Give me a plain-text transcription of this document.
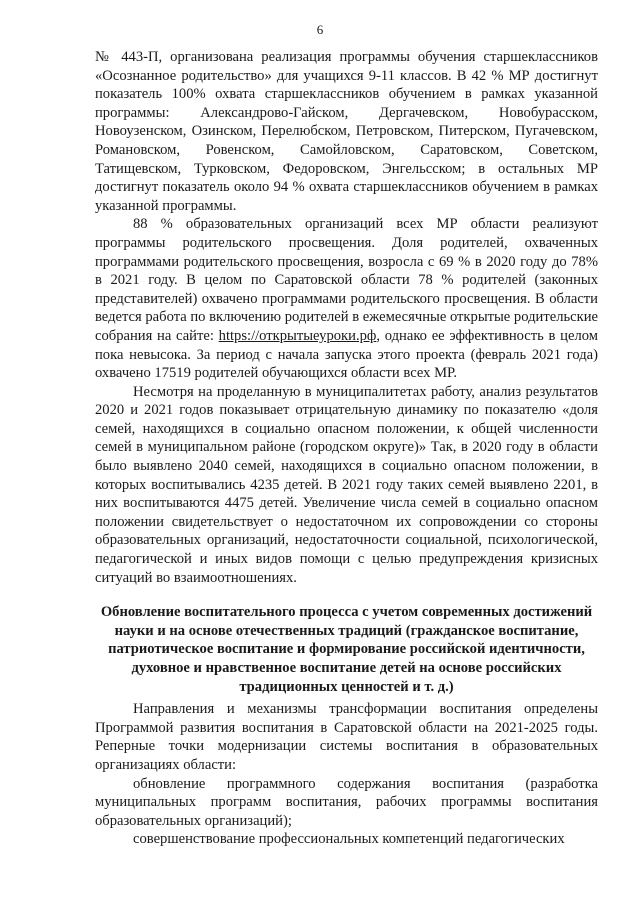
6

№ 443-П, организована реализация программы обучения старшеклассников «Осознанное родительство» для учащихся 9-11 классов. В 42 % МР достигнут показатель 100% охвата старшеклассников обучением в рамках указанной программы: Александрово-Гайском, Дергачевском, Новобурасском, Новоузенском, Озинском, Перелюбском, Петровском, Питерском, Пугачевском, Романовском, Ровенском, Самойловском, Саратовском, Советском, Татищевском, Турковском, Федоровском, Энгельсском; в остальных МР достигнут показатель около 94 % охвата старшеклассников обучением в рамках указанной программы.

88 % образовательных организаций всех МР области реализуют программы родительского просвещения. Доля родителей, охваченных программами родительского просвещения, возросла с 69 % в 2020 году до 78% в 2021 году. В целом по Саратовской области 78 % родителей (законных представителей) охвачено программами родительского просвещения. В области ведется работа по включению родителей в ежемесячные открытые родительские собрания на сайте: https://открытыеуроки.рф, однако ее эффективность в целом пока невысока. За период с начала запуска этого проекта (февраль 2021 года) охвачено 17519 родителей обучающихся области всех МР.

Несмотря на проделанную в муниципалитетах работу, анализ результатов 2020 и 2021 годов показывает отрицательную динамику по показателю «доля семей, находящихся в социально опасном положении, к общей численности семей в муниципальном районе (городском округе)» Так, в 2020 году в области было выявлено 2040 семей, находящихся в социально опасном положении, в которых воспитывались 4235 детей. В 2021 году таких семей выявлено 2201, в них воспитываются 4475 детей. Увеличение числа семей в социально опасном положении свидетельствует о недостаточном их сопровождении со стороны образовательных организаций, недостаточности социальной, психологической, педагогической и иных видов помощи с целью предупреждения кризисных ситуаций во взаимоотношениях.

Обновление воспитательного процесса с учетом современных достижений науки и на основе отечественных традиций (гражданское воспитание, патриотическое воспитание и формирование российской идентичности, духовное и нравственное воспитание детей на основе российских традиционных ценностей и т. д.)

Направления и механизмы трансформации воспитания определены Программой развития воспитания в Саратовской области на 2021-2025 годы. Реперные точки модернизации системы воспитания в образовательных организациях области:

обновление программного содержания воспитания (разработка муниципальных программ воспитания, рабочих программы воспитания образовательных организаций);

совершенствование профессиональных компетенций педагогических
